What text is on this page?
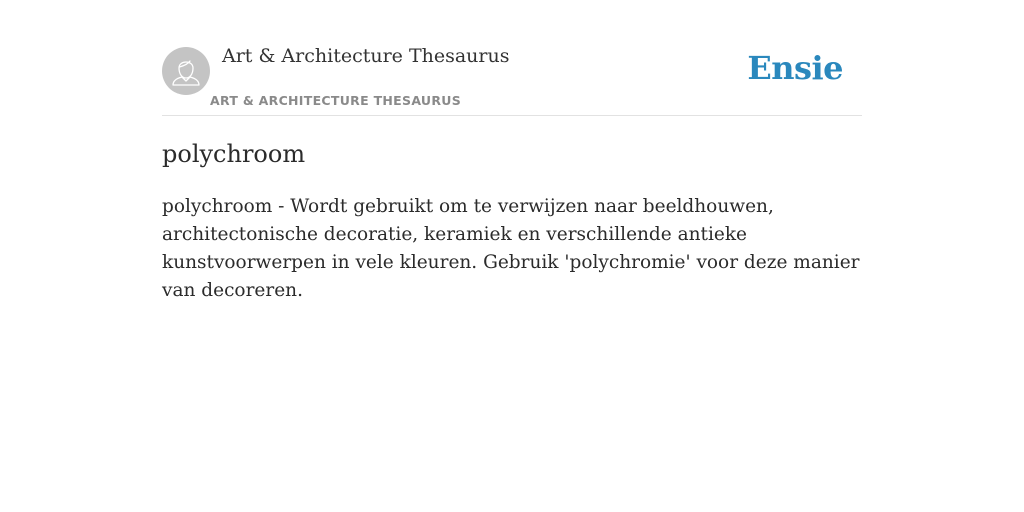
Art & Architecture Thesaurus
ART & ARCHITECTURE THESAURUS
Ensie
polychroom

polychroom - Wordt gebruikt om te verwijzen naar beeldhouwen, architectonische decoratie, keramiek en verschillende antieke kunstvoorwerpen in vele kleuren. Gebruik 'polychromie' voor deze manier van decoreren.
